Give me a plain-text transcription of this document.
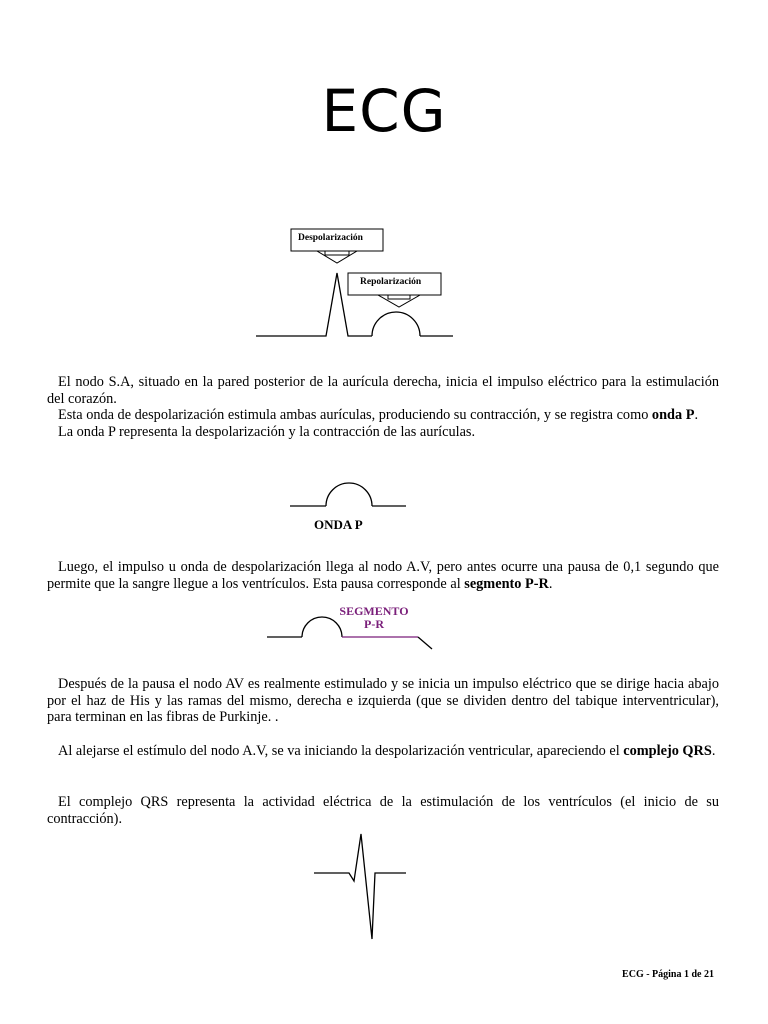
ECG
Despolarización
Repolarización

El nodo S.A, situado en la pared posterior de la aurícula derecha, inicia el impulso eléctrico para la estimulación del corazón.
Esta onda de despolarización estimula ambas aurículas, produciendo su contracción, y se registra como onda P.
La onda P representa la despolarización y la contracción de las aurículas.

ONDA P

Luego, el impulso u onda de despolarización llega al nodo A.V, pero antes ocurre una pausa de 0,1 segundo que permite que la sangre llegue a los ventrículos. Esta pausa corresponde al segmento P-R.

SEGMENTO
P-R

Después de la pausa el nodo AV es realmente estimulado y se inicia un impulso eléctrico que se dirige hacia abajo por el haz de His y las ramas del mismo, derecha e izquierda (que se dividen dentro del tabique interventricular), para terminan en las fibras de Purkinje. .

Al alejarse el estímulo del nodo A.V, se va iniciando la despolarización ventricular, apareciendo el complejo QRS.

El complejo QRS representa la actividad eléctrica de la estimulación de los ventrículos (el inicio de su contracción).

ECG - Página 1 de 21
